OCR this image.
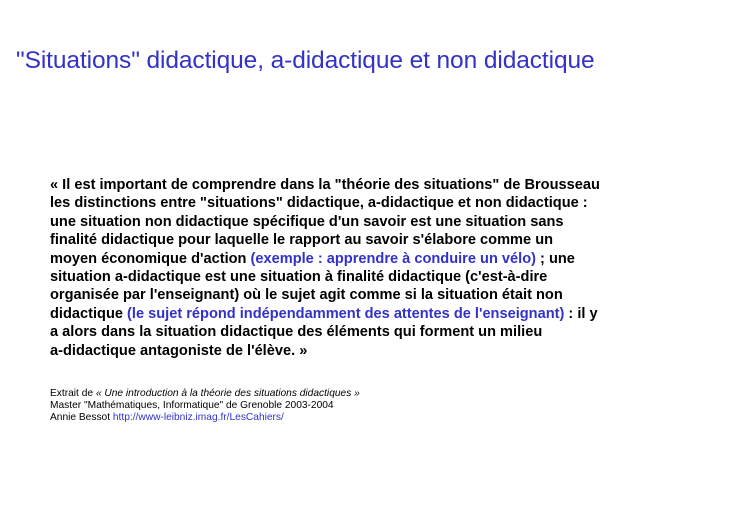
"Situations" didactique, a-didactique et non didactique
« Il est important de comprendre dans la "théorie des situations" de Brousseau
les distinctions entre "situations" didactique, a-didactique et non didactique :
une situation non didactique spécifique d'un savoir est une situation sans
finalité didactique pour laquelle le rapport au savoir s'élabore comme un
moyen économique d'action (exemple : apprendre à conduire un vélo) ; une
situation a-didactique est une situation à finalité didactique (c'est-à-dire
organisée par l'enseignant) où le sujet agit comme si la situation était non
didactique (le sujet répond indépendamment des attentes de l'enseignant) : il y
a alors dans la situation didactique des éléments qui forment un milieu
a-didactique antagoniste de l'élève. »
Extrait de « Une introduction à la théorie des situations didactiques »
Master "Mathématiques, Informatique" de Grenoble 2003-2004
Annie Bessot http://www-leibniz.imag.fr/LesCahiers/
